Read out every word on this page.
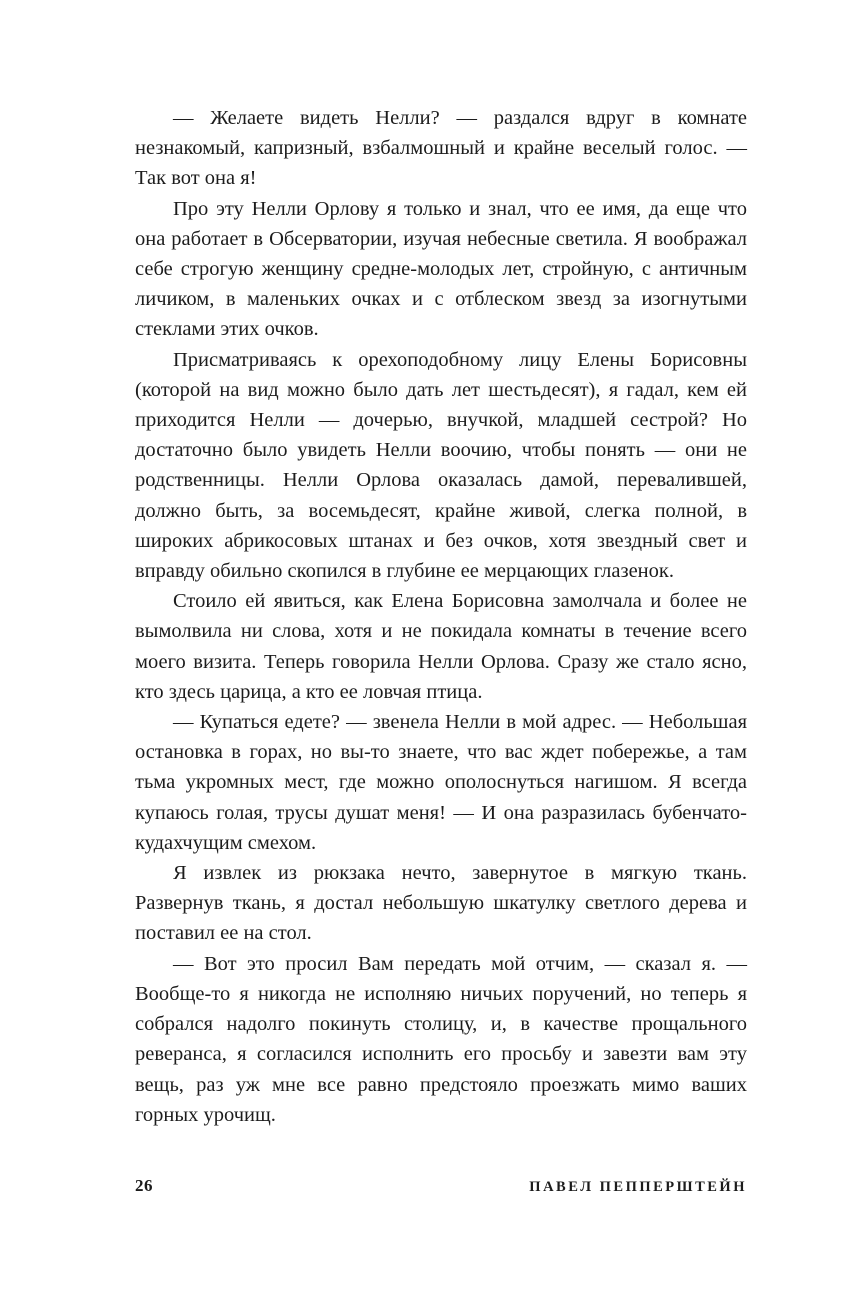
— Желаете видеть Нелли? — раздался вдруг в комнате незнакомый, капризный, взбалмошный и крайне веселый голос. — Так вот она я!

Про эту Нелли Орлову я только и знал, что ее имя, да еще что она работает в Обсерватории, изучая небесные светила. Я воображал себе строгую женщину средне-молодых лет, стройную, с античным личиком, в маленьких очках и с отблеском звезд за изогнутыми стеклами этих очков.

Присматриваясь к орехоподобному лицу Елены Борисовны (которой на вид можно было дать лет шестьдесят), я гадал, кем ей приходится Нелли — дочерью, внучкой, младшей сестрой? Но достаточно было увидеть Нелли воочию, чтобы понять — они не родственницы. Нелли Орлова оказалась дамой, перевалившей, должно быть, за восемьдесят, крайне живой, слегка полной, в широких абрикосовых штанах и без очков, хотя звездный свет и вправду обильно скопился в глубине ее мерцающих глазенок.

Стоило ей явиться, как Елена Борисовна замолчала и более не вымолвила ни слова, хотя и не покидала комнаты в течение всего моего визита. Теперь говорила Нелли Орлова. Сразу же стало ясно, кто здесь царица, а кто ее ловчая птица.

— Купаться едете? — звенела Нелли в мой адрес. — Небольшая остановка в горах, но вы-то знаете, что вас ждет побережье, а там тьма укромных мест, где можно ополоснуться нагишом. Я всегда купаюсь голая, трусы душат меня! — И она разразилась бубенчато-кудахчущим смехом.

Я извлек из рюкзака нечто, завернутое в мягкую ткань. Развернув ткань, я достал небольшую шкатулку светлого дерева и поставил ее на стол.

— Вот это просил Вам передать мой отчим, — сказал я. — Вообще-то я никогда не исполняю ничьих поручений, но теперь я собрался надолго покинуть столицу, и, в качестве прощального реверанса, я согласился исполнить его просьбу и завезти вам эту вещь, раз уж мне все равно предстояло проезжать мимо ваших горных урочищ.

26	ПАВЕЛ ПЕППЕРШТЕЙН
